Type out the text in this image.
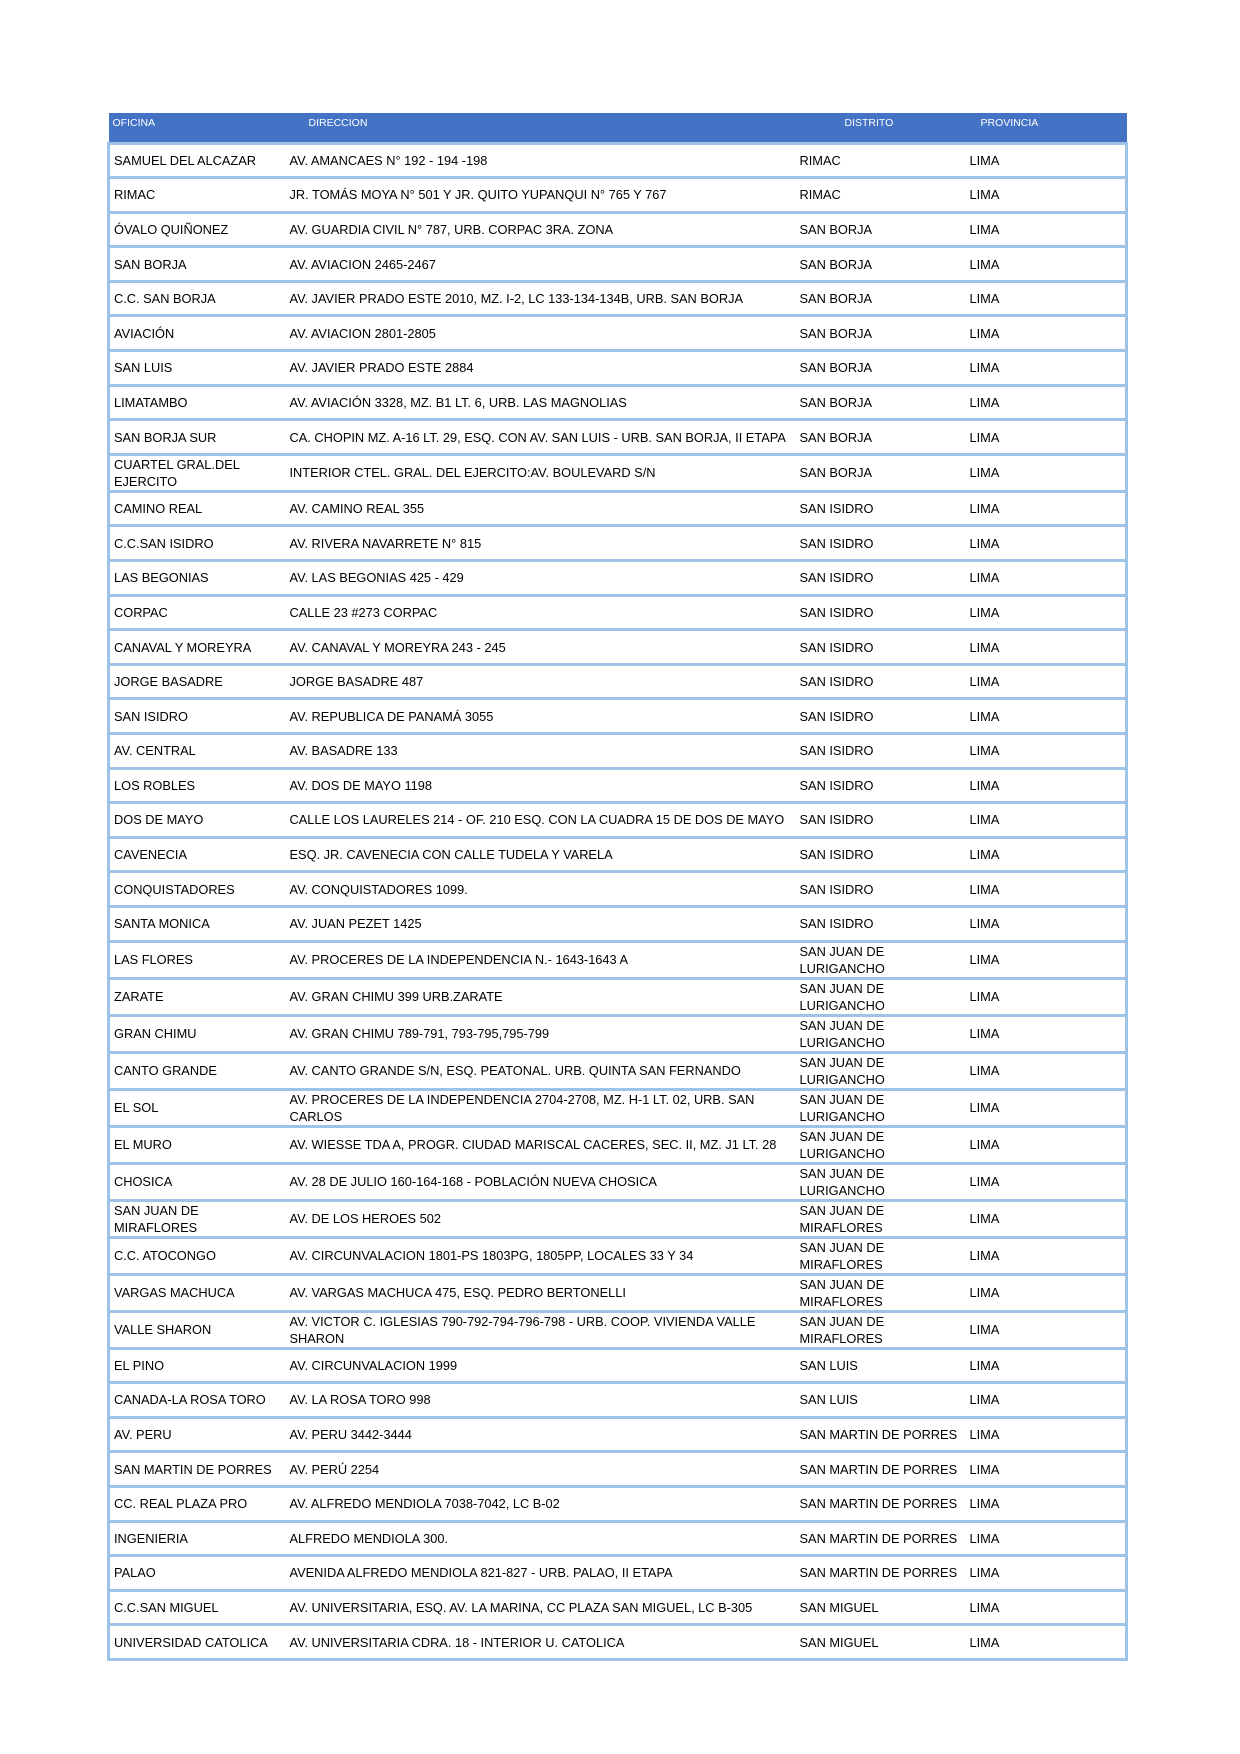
OFICINA	DIRECCION	DISTRITO	PROVINCIA
SAMUEL DEL ALCAZAR	AV. AMANCAES N° 192 - 194 -198	RIMAC	LIMA
RIMAC	JR. TOMÁS MOYA N° 501 Y JR. QUITO YUPANQUI N° 765 Y 767	RIMAC	LIMA
ÓVALO QUIÑONEZ	AV. GUARDIA CIVIL N° 787, URB. CORPAC 3RA. ZONA	SAN BORJA	LIMA
SAN BORJA	AV. AVIACION 2465-2467	SAN BORJA	LIMA
C.C. SAN BORJA	AV. JAVIER PRADO ESTE 2010, MZ. I-2, LC 133-134-134B, URB. SAN BORJA	SAN BORJA	LIMA
AVIACIÓN	AV. AVIACION 2801-2805	SAN BORJA	LIMA
SAN LUIS	AV. JAVIER PRADO ESTE 2884	SAN BORJA	LIMA
LIMATAMBO	AV. AVIACIÓN 3328, MZ. B1 LT. 6, URB. LAS MAGNOLIAS	SAN BORJA	LIMA
SAN BORJA SUR	CA. CHOPIN MZ. A-16 LT. 29, ESQ. CON AV. SAN LUIS - URB. SAN BORJA, II ETAPA	SAN BORJA	LIMA
CUARTEL GRAL.DEL EJERCITO	INTERIOR CTEL. GRAL. DEL EJERCITO:AV. BOULEVARD S/N	SAN BORJA	LIMA
CAMINO REAL	AV. CAMINO REAL 355	SAN ISIDRO	LIMA
C.C.SAN ISIDRO	AV. RIVERA NAVARRETE N° 815	SAN ISIDRO	LIMA
LAS BEGONIAS	AV. LAS BEGONIAS 425 - 429	SAN ISIDRO	LIMA
CORPAC	CALLE 23 #273 CORPAC	SAN ISIDRO	LIMA
CANAVAL Y MOREYRA	AV. CANAVAL Y MOREYRA 243 - 245	SAN ISIDRO	LIMA
JORGE BASADRE	JORGE BASADRE 487	SAN ISIDRO	LIMA
SAN ISIDRO	AV. REPUBLICA DE PANAMÁ 3055	SAN ISIDRO	LIMA
AV. CENTRAL	AV. BASADRE 133	SAN ISIDRO	LIMA
LOS ROBLES	AV. DOS DE MAYO 1198	SAN ISIDRO	LIMA
DOS DE MAYO	CALLE LOS LAURELES 214 - OF. 210 ESQ. CON LA CUADRA 15 DE DOS DE MAYO	SAN ISIDRO	LIMA
CAVENECIA	ESQ. JR. CAVENECIA CON CALLE TUDELA Y VARELA	SAN ISIDRO	LIMA
CONQUISTADORES	AV. CONQUISTADORES 1099.	SAN ISIDRO	LIMA
SANTA MONICA	AV. JUAN PEZET 1425	SAN ISIDRO	LIMA
LAS FLORES	AV. PROCERES DE LA INDEPENDENCIA N.- 1643-1643 A	SAN JUAN DE LURIGANCHO	LIMA
ZARATE	AV. GRAN CHIMU 399 URB.ZARATE	SAN JUAN DE LURIGANCHO	LIMA
GRAN CHIMU	AV. GRAN CHIMU 789-791, 793-795,795-799	SAN JUAN DE LURIGANCHO	LIMA
CANTO GRANDE	AV. CANTO GRANDE S/N, ESQ. PEATONAL. URB. QUINTA SAN FERNANDO	SAN JUAN DE LURIGANCHO	LIMA
EL SOL	AV. PROCERES DE LA INDEPENDENCIA 2704-2708, MZ. H-1 LT. 02, URB. SAN CARLOS	SAN JUAN DE LURIGANCHO	LIMA
EL MURO	AV. WIESSE TDA A, PROGR. CIUDAD MARISCAL CACERES, SEC. II, MZ. J1 LT. 28	SAN JUAN DE LURIGANCHO	LIMA
CHOSICA	AV. 28 DE JULIO 160-164-168 - POBLACIÓN NUEVA CHOSICA	SAN JUAN DE LURIGANCHO	LIMA
SAN JUAN DE MIRAFLORES	AV. DE LOS HEROES 502	SAN JUAN DE MIRAFLORES	LIMA
C.C. ATOCONGO	AV. CIRCUNVALACION 1801-PS 1803PG, 1805PP, LOCALES 33 Y 34	SAN JUAN DE MIRAFLORES	LIMA
VARGAS MACHUCA	AV. VARGAS MACHUCA 475, ESQ. PEDRO BERTONELLI	SAN JUAN DE MIRAFLORES	LIMA
VALLE SHARON	AV. VICTOR C. IGLESIAS 790-792-794-796-798 - URB. COOP. VIVIENDA VALLE SHARON	SAN JUAN DE MIRAFLORES	LIMA
EL PINO	AV. CIRCUNVALACION 1999	SAN LUIS	LIMA
CANADA-LA ROSA TORO	AV. LA ROSA TORO 998	SAN LUIS	LIMA
AV. PERU	AV. PERU 3442-3444	SAN MARTIN DE PORRES	LIMA
SAN MARTIN DE PORRES	AV. PERÚ 2254	SAN MARTIN DE PORRES	LIMA
CC. REAL PLAZA PRO	AV. ALFREDO MENDIOLA 7038-7042, LC B-02	SAN MARTIN DE PORRES	LIMA
INGENIERIA	ALFREDO MENDIOLA 300.	SAN MARTIN DE PORRES	LIMA
PALAO	AVENIDA ALFREDO MENDIOLA 821-827 - URB. PALAO, II ETAPA	SAN MARTIN DE PORRES	LIMA
C.C.SAN MIGUEL	AV. UNIVERSITARIA, ESQ. AV. LA MARINA, CC PLAZA SAN MIGUEL, LC B-305	SAN MIGUEL	LIMA
UNIVERSIDAD CATOLICA	AV. UNIVERSITARIA CDRA. 18 - INTERIOR U. CATOLICA	SAN MIGUEL	LIMA
